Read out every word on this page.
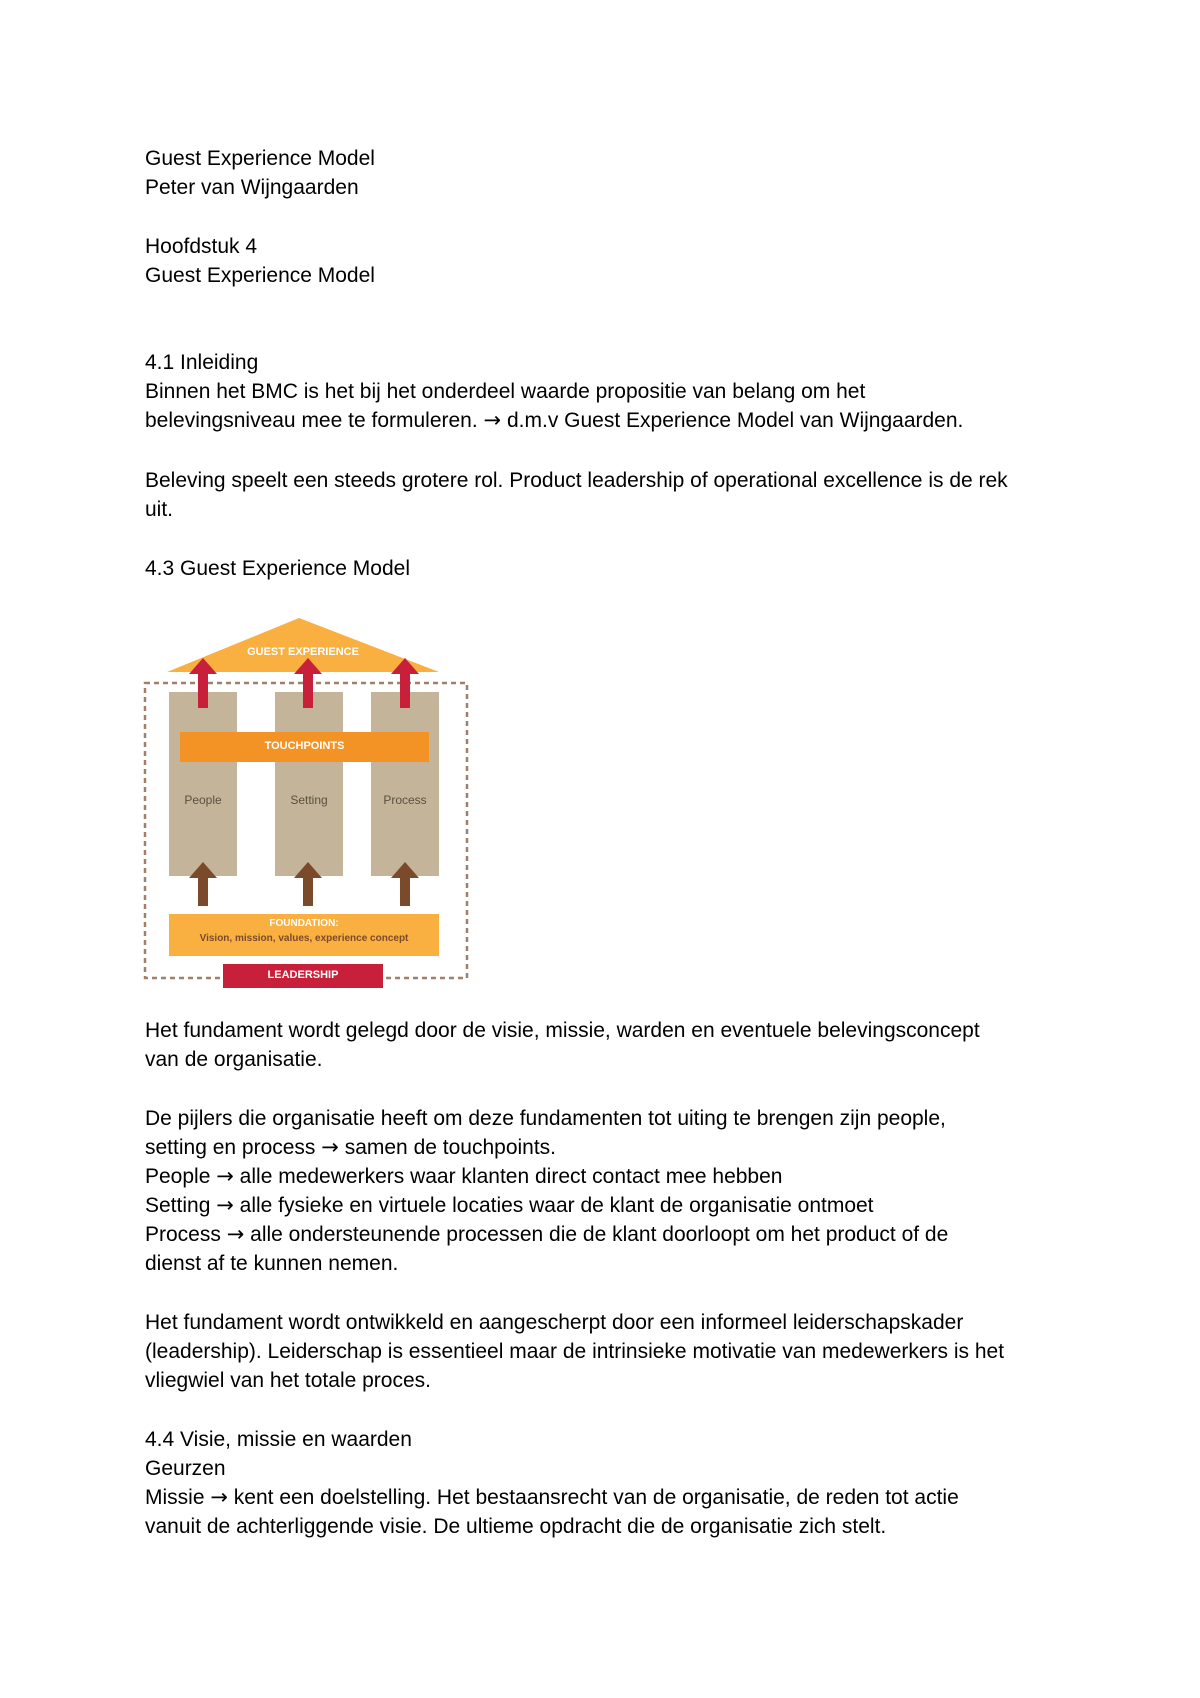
Guest Experience Model
Peter van Wijngaarden
Hoofdstuk 4
Guest Experience Model
4.1 Inleiding
Binnen het BMC is het bij het onderdeel waarde propositie van belang om het
belevingsniveau mee te formuleren. → d.m.v Guest Experience Model van Wijngaarden.
Beleving speelt een steeds grotere rol. Product leadership of operational excellence is de rek
uit.
4.3 Guest Experience Model
Het fundament wordt gelegd door de visie, missie, warden en eventuele belevingsconcept
van de organisatie.
De pijlers die organisatie heeft om deze fundamenten tot uiting te brengen zijn people,
setting en process → samen de touchpoints.
People → alle medewerkers waar klanten direct contact mee hebben
Setting → alle fysieke en virtuele locaties waar de klant de organisatie ontmoet
Process → alle ondersteunende processen die de klant doorloopt om het product of de
dienst af te kunnen nemen.
Het fundament wordt ontwikkeld en aangescherpt door een informeel leiderschapskader
(leadership). Leiderschap is essentieel maar de intrinsieke motivatie van medewerkers is het
vliegwiel van het totale proces.
4.4 Visie, missie en waarden
Geurzen
Missie → kent een doelstelling. Het bestaansrecht van de organisatie, de reden tot actie
vanuit de achterliggende visie. De ultieme opdracht die de organisatie zich stelt.
GUEST EXPERIENCE
TOUCHPOINTS
People	Setting	Process
FOUNDATION:
Vision, mission, values, experience concept
LEADERSHIP
